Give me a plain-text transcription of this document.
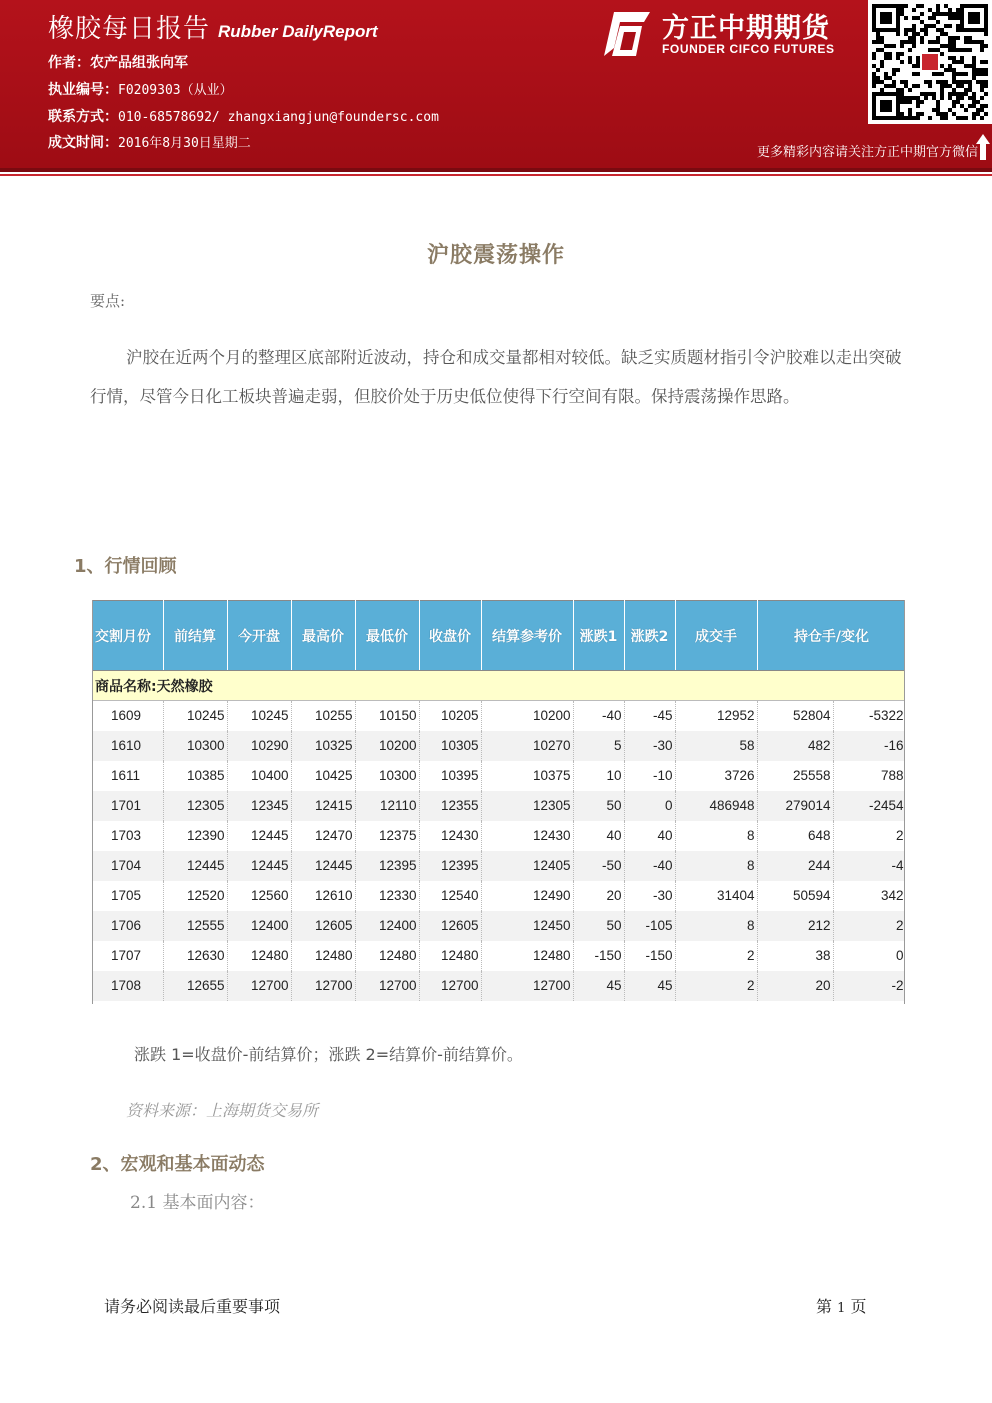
橡胶每日报告 Rubber DailyReport
作者：农产品组张向军
执业编号：F0209303（从业）
联系方式：010-68578692/ zhangxiangjun@foundersc.com
成文时间：2016年8月30日星期二
方正中期期货
FOUNDER CIFCO FUTURES
更多精彩内容请关注方正中期官方微信
沪胶震荡操作
要点:
沪胶在近两个月的整理区底部附近波动，持仓和成交量都相对较低。缺乏实质题材指引令沪胶难以走出突破行情，尽管今日化工板块普遍走弱，但胶价处于历史低位使得下行空间有限。保持震荡操作思路。
1、行情回顾
交割月份	前结算	今开盘	最高价	最低价	收盘价	结算参考价	涨跌1	涨跌2	成交手	持仓手/变化	
商品名称:天然橡胶											
1609	10245	10245	10255	10150	10205	10200	-40	-45	12952	52804	-5322
1610	10300	10290	10325	10200	10305	10270	5	-30	58	482	-16
1611	10385	10400	10425	10300	10395	10375	10	-10	3726	25558	788
1701	12305	12345	12415	12110	12355	12305	50	0	486948	279014	-2454
1703	12390	12445	12470	12375	12430	12430	40	40	8	648	2
1704	12445	12445	12445	12395	12395	12405	-50	-40	8	244	-4
1705	12520	12560	12610	12330	12540	12490	20	-30	31404	50594	342
1706	12555	12400	12605	12400	12605	12450	50	-105	8	212	2
1707	12630	12480	12480	12480	12480	12480	-150	-150	2	38	0
1708	12655	12700	12700	12700	12700	12700	45	45	2	20	-2
涨跌 1=收盘价-前结算价；涨跌 2=结算价-前结算价。
资料来源：上海期货交易所
2、宏观和基本面动态
2.1 基本面内容：
请务必阅读最后重要事项	第 1 页
